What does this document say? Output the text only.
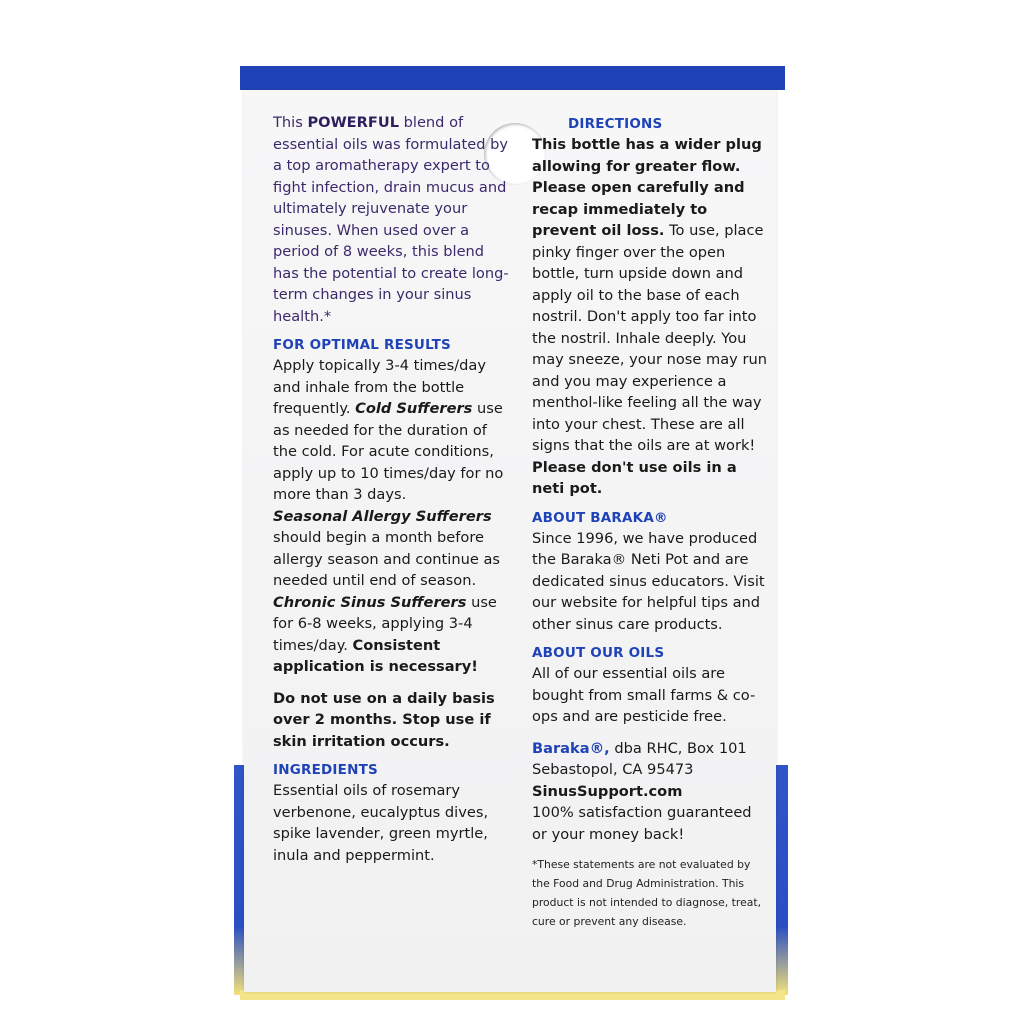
This POWERFUL blend of essential oils was formulated by a top aromatherapy expert to fight infection, drain mucus and ultimately rejuvenate your sinuses. When used over a period of 8 weeks, this blend has the potential to create long-term changes in your sinus health.*

FOR OPTIMAL RESULTS

Apply topically 3-4 times/day and inhale from the bottle frequently. Cold Sufferers use as needed for the duration of the cold. For acute conditions, apply up to 10 times/day for no more than 3 days.

Seasonal Allergy Sufferers should begin a month before allergy season and continue as needed until end of season.

Chronic Sinus Sufferers use for 6-8 weeks, applying 3-4 times/day. Consistent application is necessary!

Do not use on a daily basis over 2 months. Stop use if skin irritation occurs.

INGREDIENTS

Essential oils of rosemary verbenone, eucalyptus dives, spike lavender, green myrtle, inula and peppermint.

DIRECTIONS

This bottle has a wider plug allowing for greater flow. Please open carefully and recap immediately to prevent oil loss. To use, place pinky finger over the open bottle, turn upside down and apply oil to the base of each nostril. Don't apply too far into the nostril. Inhale deeply. You may sneeze, your nose may run and you may experience a menthol-like feeling all the way into your chest. These are all signs that the oils are at work! Please don't use oils in a neti pot.

ABOUT BARAKA®

Since 1996, we have produced the Baraka® Neti Pot and are dedicated sinus educators. Visit our website for helpful tips and other sinus care products.

ABOUT OUR OILS

All of our essential oils are bought from small farms & co-ops and are pesticide free.

Baraka®, dba RHC, Box 101
Sebastopol, CA 95473
SinusSupport.com
100% satisfaction guaranteed or your money back!

*These statements are not evaluated by the Food and Drug Administration. This product is not intended to diagnose, treat, cure or prevent any disease.
